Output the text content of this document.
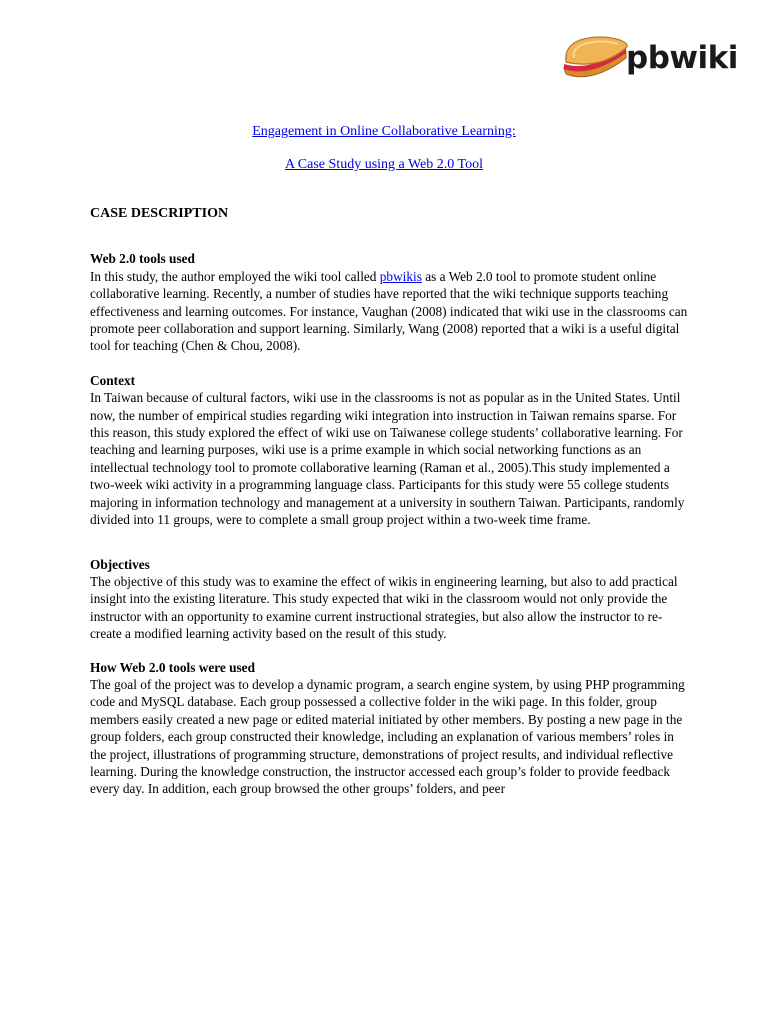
pbwiki
Engagement in Online Collaborative Learning:
A Case Study using a Web 2.0 Tool
CASE DESCRIPTION
Web 2.0 tools used

In this study, the author employed the wiki tool called pbwikis as a Web 2.0 tool to promote student online collaborative learning. Recently, a number of studies have reported that the wiki technique supports teaching effectiveness and learning outcomes. For instance, Vaughan (2008) indicated that wiki use in the classrooms can promote peer collaboration and support learning. Similarly, Wang (2008) reported that a wiki is a useful digital tool for teaching (Chen & Chou, 2008).

Context

In Taiwan because of cultural factors, wiki use in the classrooms is not as popular as in the United States. Until now, the number of empirical studies regarding wiki integration into instruction in Taiwan remains sparse. For this reason, this study explored the effect of wiki use on Taiwanese college students’ collaborative learning. For teaching and learning purposes, wiki use is a prime example in which social networking functions as an intellectual technology tool to promote collaborative learning (Raman et al., 2005).This study implemented a two-week wiki activity in a programming language class. Participants for this study were 55 college students majoring in information technology and management at a university in southern Taiwan. Participants, randomly divided into 11 groups, were to complete a small group project within a two-week time frame.

Objectives

The objective of this study was to examine the effect of wikis in engineering learning, but also to add practical insight into the existing literature. This study expected that wiki in the classroom would not only provide the instructor with an opportunity to examine current instructional strategies, but also allow the instructor to re-create a modified learning activity based on the result of this study.

How Web 2.0 tools were used

The goal of the project was to develop a dynamic program, a search engine system, by using PHP programming code and MySQL database. Each group possessed a collective folder in the wiki page. In this folder, group members easily created a new page or edited material initiated by other members. By posting a new page in the group folders, each group constructed their knowledge, including an explanation of various members’ roles in the project, illustrations of programming structure, demonstrations of project results, and individual reflective learning. During the knowledge construction, the instructor accessed each group’s folder to provide feedback every day. In addition, each group browsed the other groups’ folders, and peer
